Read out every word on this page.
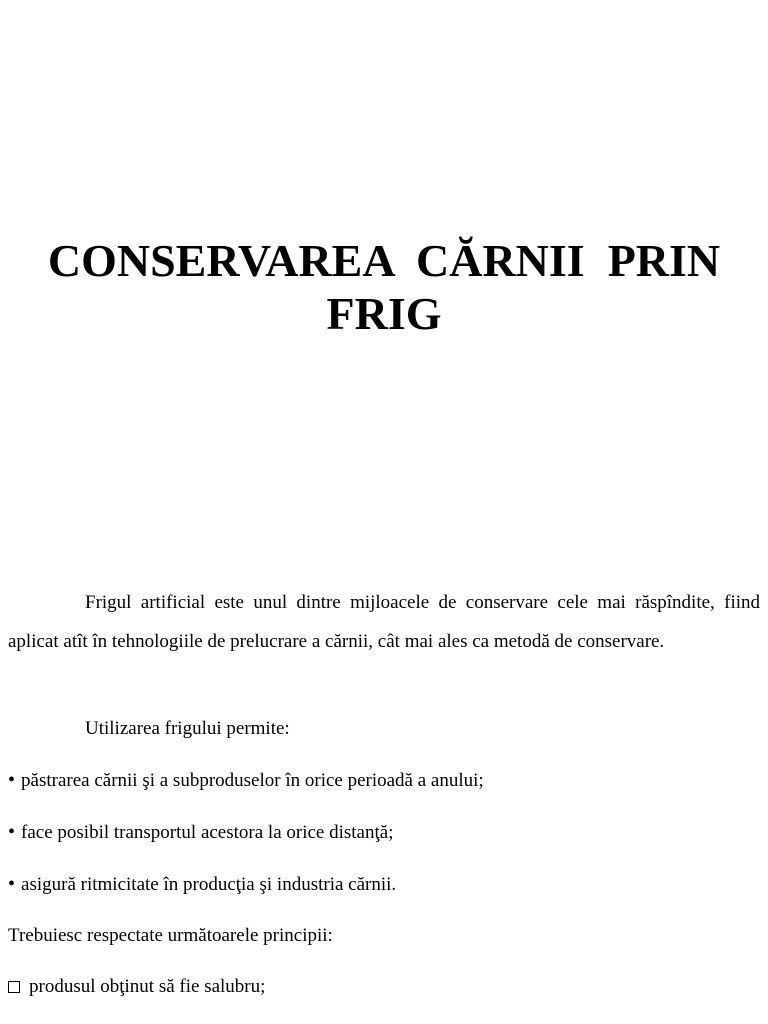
CONSERVAREA  CĂRNII  PRIN
FRIG

Frigul artificial este unul dintre mijloacele de conservare cele mai răspîndite, fiind aplicat atît în tehnologiile de prelucrare a cărnii, cât mai ales ca metodă de conservare.

Utilizarea frigului permite:

• păstrarea cărnii şi a subproduselor în orice perioadă a anului;

• face posibil transportul acestora la orice distanţă;

• asigură ritmicitate în producţia şi industria cărnii.

Trebuiesc respectate următoarele principii:

produsul obţinut să fie salubru;
